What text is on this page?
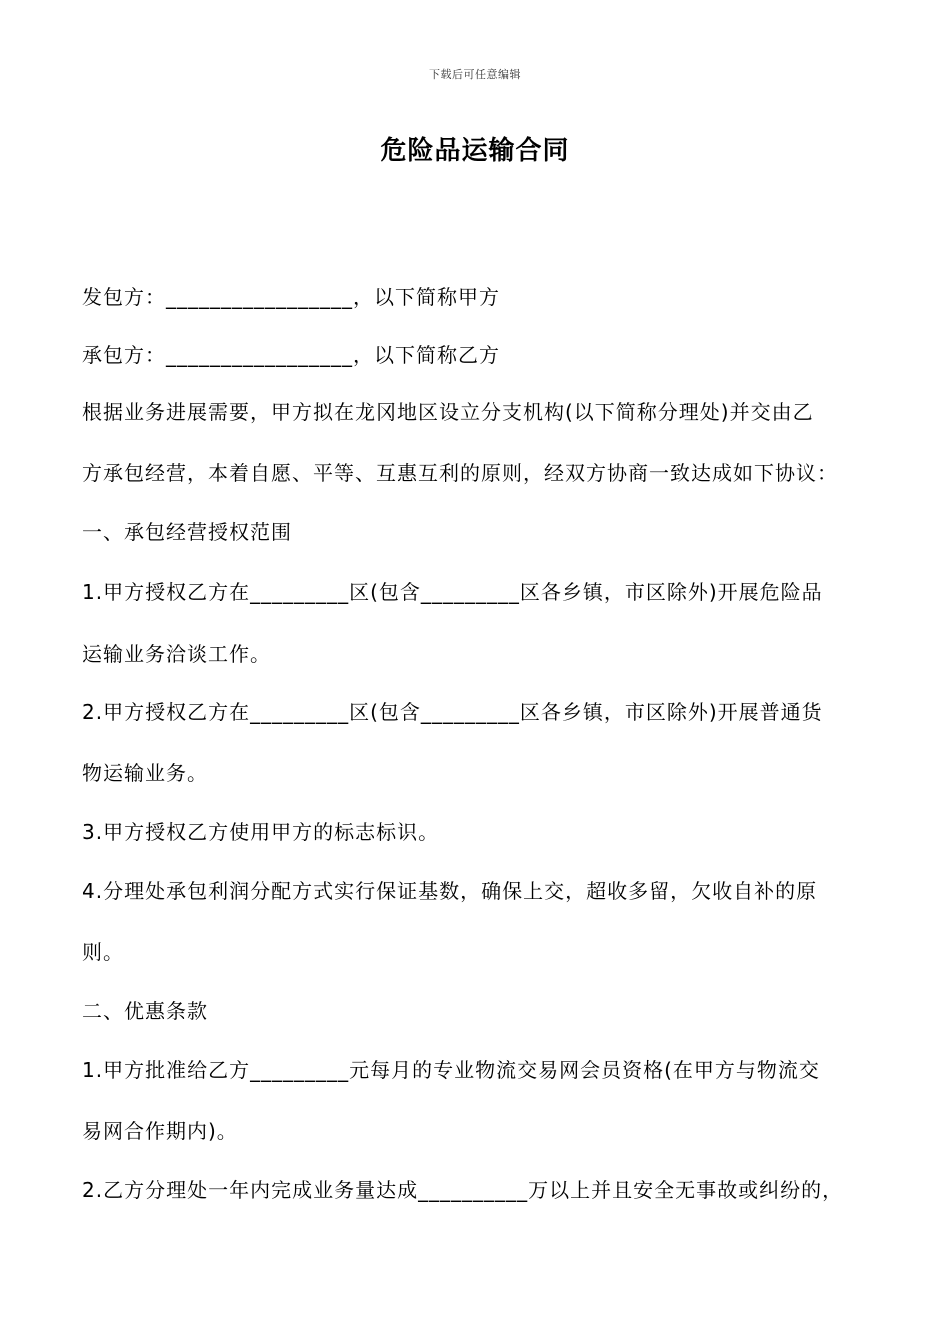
下载后可任意编辑
危险品运输合同
发包方：_________________，以下简称甲方
承包方：_________________，以下简称乙方
根据业务进展需要，甲方拟在龙冈地区设立分支机构(以下简称分理处)并交由乙
方承包经营，本着自愿、平等、互惠互利的原则，经双方协商一致达成如下协议：
一、承包经营授权范围
1.甲方授权乙方在_________区(包含_________区各乡镇，市区除外)开展危险品
运输业务洽谈工作。
2.甲方授权乙方在_________区(包含_________区各乡镇，市区除外)开展普通货
物运输业务。
3.甲方授权乙方使用甲方的标志标识。
4.分理处承包利润分配方式实行保证基数，确保上交，超收多留，欠收自补的原
则。
二、优惠条款
1.甲方批准给乙方_________元每月的专业物流交易网会员资格(在甲方与物流交
易网合作期内)。
2.乙方分理处一年内完成业务量达成__________万以上并且安全无事故或纠纷的，
